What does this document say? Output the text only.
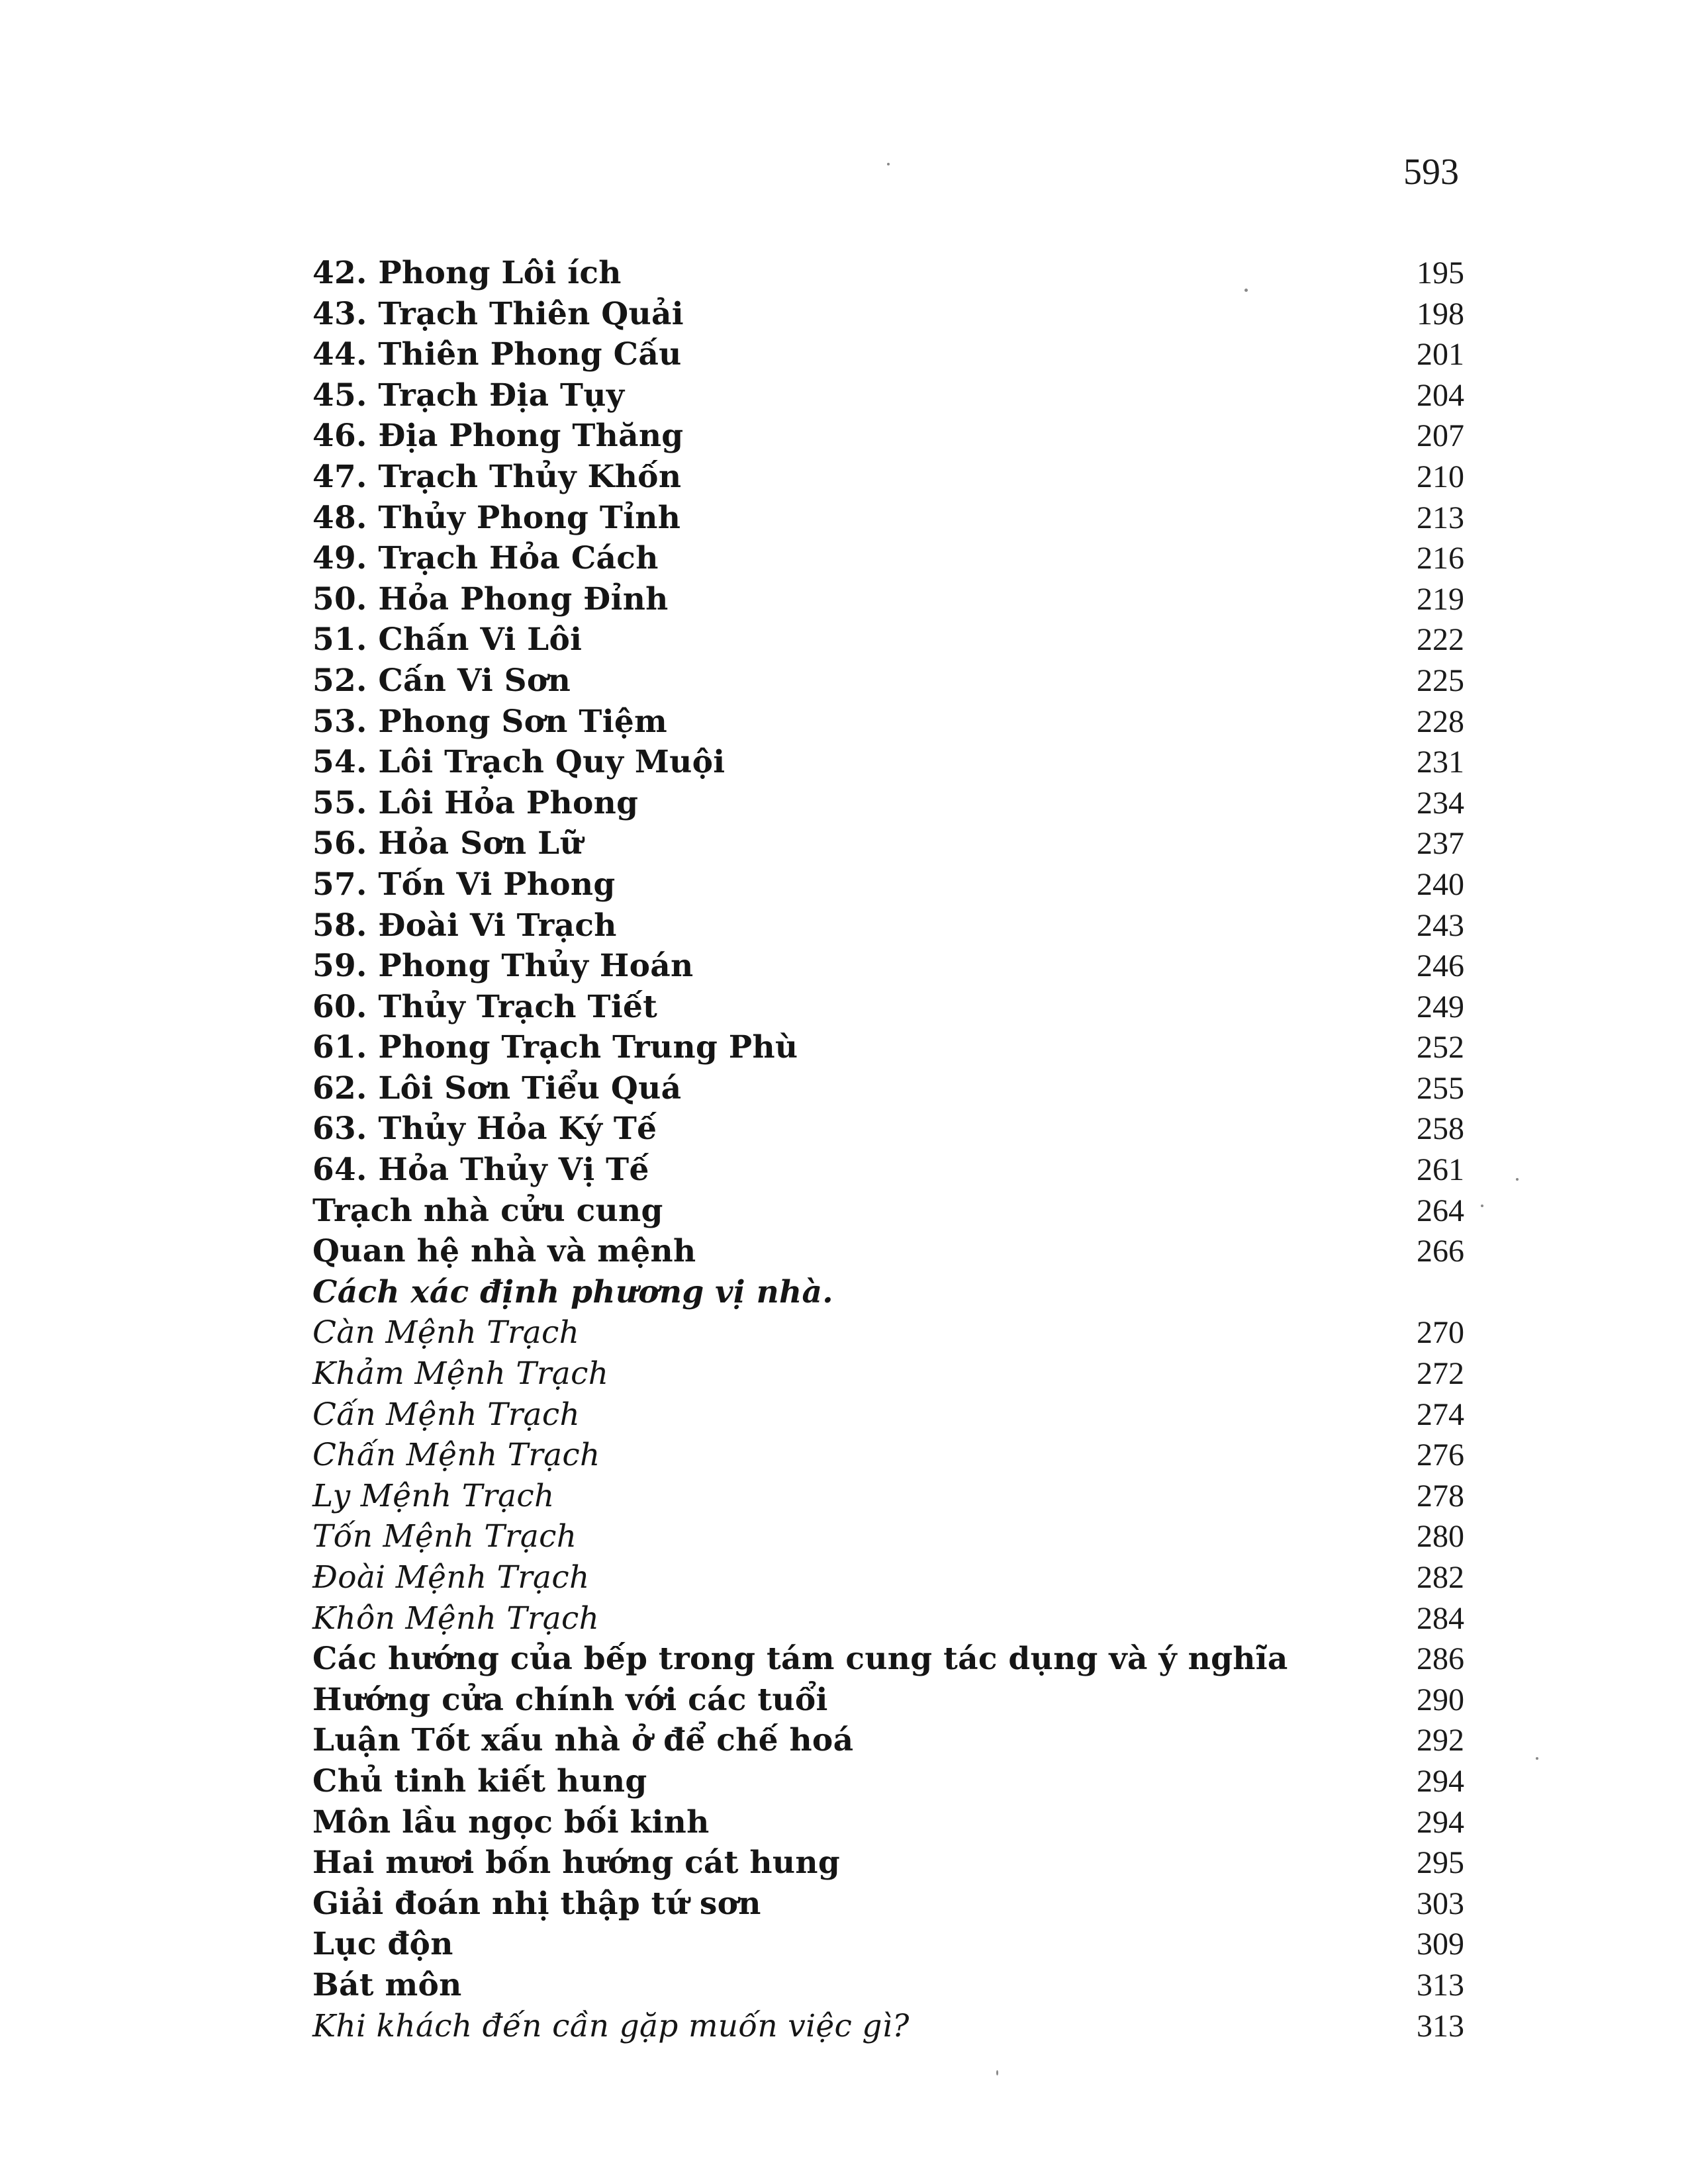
593
42. Phong Lôi ích	195
43. Trạch Thiên Quải	198
44. Thiên Phong Cấu	201
45. Trạch Địa Tụy	204
46. Địa Phong Thăng	207
47. Trạch Thủy Khốn	210
48. Thủy Phong Tỉnh	213
49. Trạch Hỏa Cách	216
50. Hỏa Phong Đỉnh	219
51. Chấn Vi Lôi	222
52. Cấn Vi Sơn	225
53. Phong Sơn Tiệm	228
54. Lôi Trạch Quy Muội	231
55. Lôi Hỏa Phong	234
56. Hỏa Sơn Lữ	237
57. Tốn Vi Phong	240
58. Đoài Vi Trạch	243
59. Phong Thủy Hoán	246
60. Thủy Trạch Tiết	249
61. Phong Trạch Trung Phù	252
62. Lôi Sơn Tiểu Quá	255
63. Thủy Hỏa Ký Tế	258
64. Hỏa Thủy Vị Tế	261
Trạch nhà cửu cung	264
Quan hệ nhà và mệnh	266
Cách xác định phương vị nhà.
Càn Mệnh Trạch	270
Khảm Mệnh Trạch	272
Cấn Mệnh Trạch	274
Chấn Mệnh Trạch	276
Ly Mệnh Trạch	278
Tốn Mệnh Trạch	280
Đoài Mệnh Trạch	282
Khôn Mệnh Trạch	284
Các hướng của bếp trong tám cung tác dụng và ý nghĩa	286
Hướng cửa chính với các tuổi	290
Luận Tốt xấu nhà ở để chế hoá	292
Chủ tinh kiết hung	294
Môn lầu ngọc bối kinh	294
Hai mươi bốn hướng cát hung	295
Giải đoán nhị thập tứ sơn	303
Lục độn	309
Bát môn	313
Khi khách đến cần gặp muốn việc gì?	313
